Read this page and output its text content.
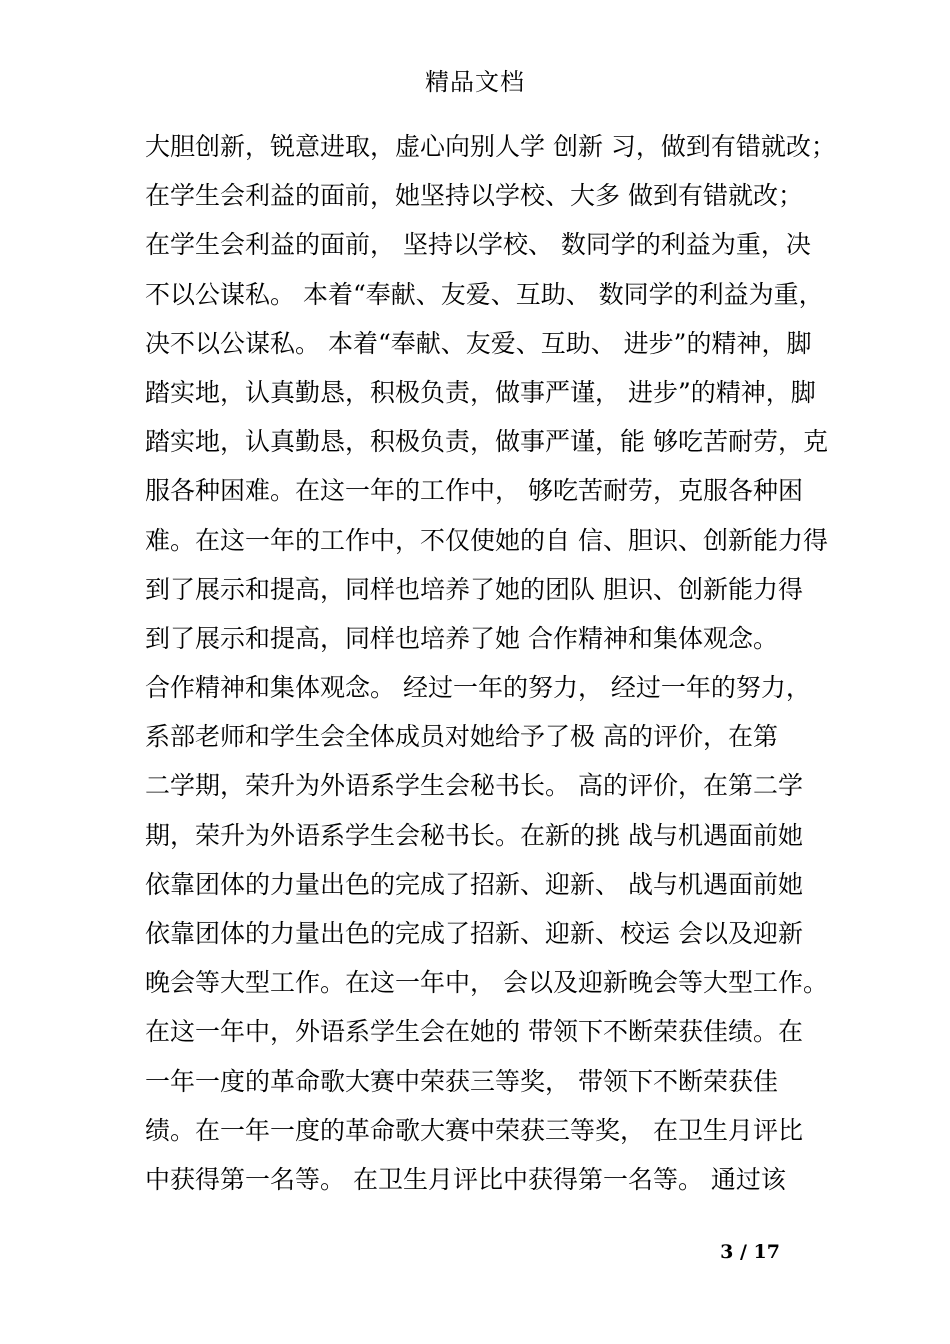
精品文档
大胆创新，锐意进取，虚心向别人学 创新 习，做到有错就改；
在学生会利益的面前，她坚持以学校、大多 做到有错就改；
在学生会利益的面前， 坚持以学校、 数同学的利益为重，决
不以公谋私。 本着“奉献、友爱、互助、 数同学的利益为重，
决不以公谋私。 本着“奉献、友爱、互助、 进步”的精神，脚
踏实地，认真勤恳，积极负责，做事严谨， 进步”的精神，脚
踏实地，认真勤恳，积极负责，做事严谨，能 够吃苦耐劳，克
服各种困难。在这一年的工作中， 够吃苦耐劳，克服各种困
难。在这一年的工作中，不仅使她的自 信、胆识、创新能力得
到了展示和提高，同样也培养了她的团队 胆识、创新能力得
到了展示和提高，同样也培养了她 合作精神和集体观念。
合作精神和集体观念。 经过一年的努力， 经过一年的努力，
系部老师和学生会全体成员对她给予了极 高的评价，在第
二学期，荣升为外语系学生会秘书长。 高的评价，在第二学
期，荣升为外语系学生会秘书长。在新的挑 战与机遇面前她
依靠团体的力量出色的完成了招新、迎新、 战与机遇面前她
依靠团体的力量出色的完成了招新、迎新、校运 会以及迎新
晚会等大型工作。在这一年中， 会以及迎新晚会等大型工作。
在这一年中，外语系学生会在她的 带领下不断荣获佳绩。在
一年一度的革命歌大赛中荣获三等奖， 带领下不断荣获佳
绩。在一年一度的革命歌大赛中荣获三等奖， 在卫生月评比
中获得第一名等。 在卫生月评比中获得第一名等。 通过该
3 / 17
